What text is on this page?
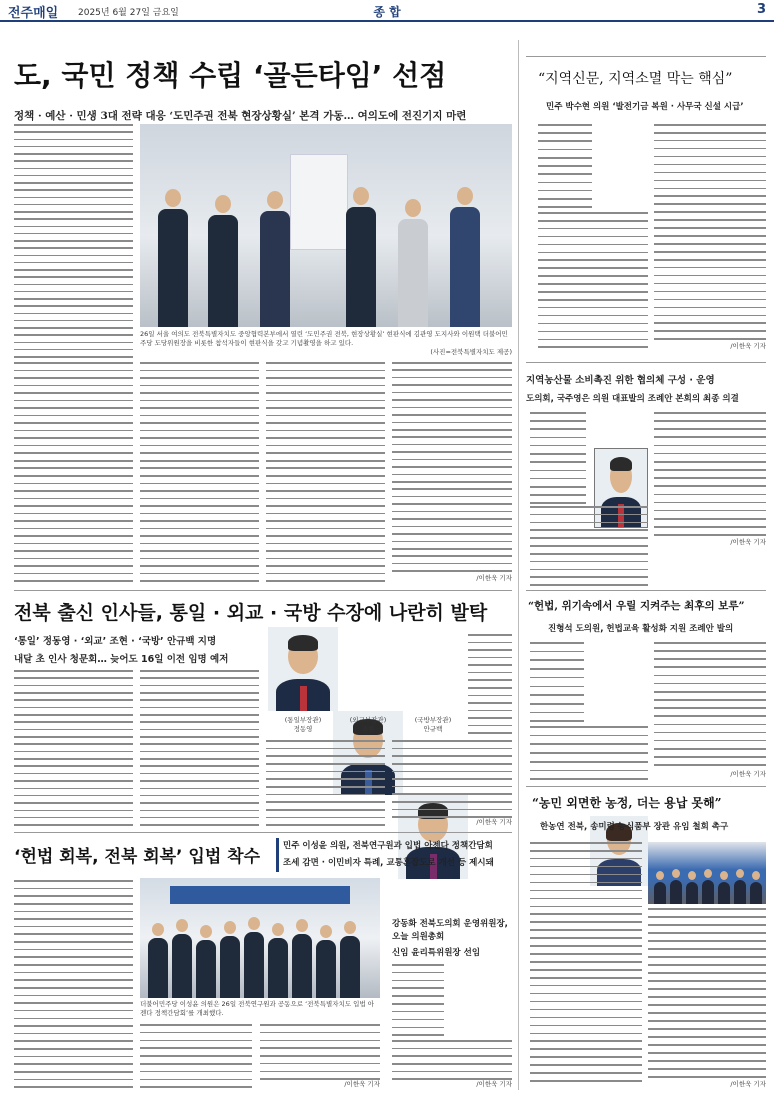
전주매일 2025년 6월 27일 금요일	종 합	3
도, 국민 정책 수립 ‘골든타임’ 선점
정책 · 예산 · 민생 3대 전략 대응 ‘도민주권 전북 현장상황실’ 본격 가동… 여의도에 전진기지 마련
26일 서울 여의도 전북특별자치도 중앙협력본부에서 열린 ‘도민주권 전북, 현장상황실’ 현판식에 김관영 도지사와 이원택 더불어민주당 도당위원장을 비롯한 참석자들이 현판식을 갖고 기념촬영을 하고 있다.
(사진=전북특별자치도 제공)
/이한욱 기자
전북 출신 인사들, 통일 · 외교 · 국방 수장에 나란히 발탁
‘통일’ 정동영 · ‘외교’ 조현 · ‘국방’ 안규백 지명
내달 초 인사 청문회… 늦어도 16일 이전 임명 예저
(통일부장관)
정동영
(외교부장관)
조현
(국방부장관)
안규백
/이한욱 기자
‘헌법 회복, 전북 회복’ 입법 착수
민주 이성윤 의원, 전북연구원과 입법 아젠다 정책간담회
조세 감면 · 이민비자 특례, 교통혼잡도로 개선 등 제시돼
더불어민주당 이성윤 의원은 26일 전북연구원과 공동으로 ‘전북특별자치도 입법 아젠다 정책간담회’를 개최했다.
/이한욱 기자
강동화 전북도의회 운영위원장,
오늘 의원총회
신임 윤리특위원장 선임
/이한욱 기자
“지역신문, 지역소멸 막는 핵심”
민주 박수현 의원 ‘발전기금 복원 · 사무국 신설 시급’
/이한욱 기자
지역농산물 소비촉진 위한 협의체 구성 · 운영
도의회, 국주영은 의원 대표발의 조례안 본회의 최종 의결
/이한욱 기자
“헌법, 위기속에서 우릴 지켜주는 최후의 보루”
진형석 도의원, 헌법교육 활성화 지원 조례안 발의
/이한욱 기자
“농민 외면한 농정, 더는 용납 못해”
한농연 전북, 송미령 농식품부 장관 유임 철회 촉구
/이한욱 기자
